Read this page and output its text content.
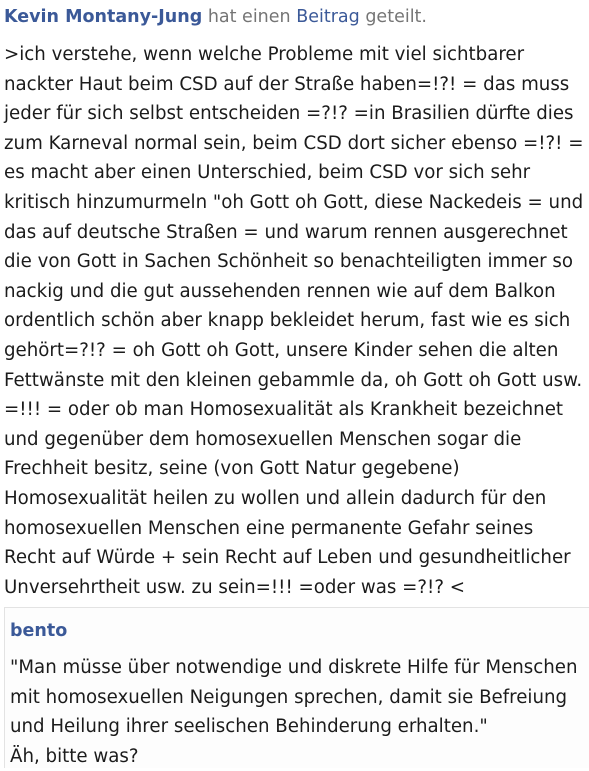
Kevin Montany-Jung hat einen Beitrag geteilt.
>ich verstehe, wenn welche Probleme mit viel sichtbarer
nackter Haut beim CSD auf der Straße haben=!?! = das muss
jeder für sich selbst entscheiden =?!? =in Brasilien dürfte dies
zum Karneval normal sein, beim CSD dort sicher ebenso =!?! =
es macht aber einen Unterschied, beim CSD vor sich sehr
kritisch hinzumurmeln "oh Gott oh Gott, diese Nackedeis = und
das auf deutsche Straßen = und warum rennen ausgerechnet
die von Gott in Sachen Schönheit so benachteiligten immer so
nackig und die gut aussehenden rennen wie auf dem Balkon
ordentlich schön aber knapp bekleidet herum, fast wie es sich
gehört=?!? = oh Gott oh Gott, unsere Kinder sehen die alten
Fettwänste mit den kleinen gebammle da, oh Gott oh Gott usw.
=!!! = oder ob man Homosexualität als Krankheit bezeichnet
und gegenüber dem homosexuellen Menschen sogar die
Frechheit besitz, seine (von Gott Natur gegebene)
Homosexualität heilen zu wollen und allein dadurch für den
homosexuellen Menschen eine permanente Gefahr seines
Recht auf Würde + sein Recht auf Leben und gesundheitlicher
Unversehrtheit usw. zu sein=!!! =oder was =?!? <
bento
"Man müsse über notwendige und diskrete Hilfe für Menschen
mit homosexuellen Neigungen sprechen, damit sie Befreiung
und Heilung ihrer seelischen Behinderung erhalten."
Äh, bitte was?
